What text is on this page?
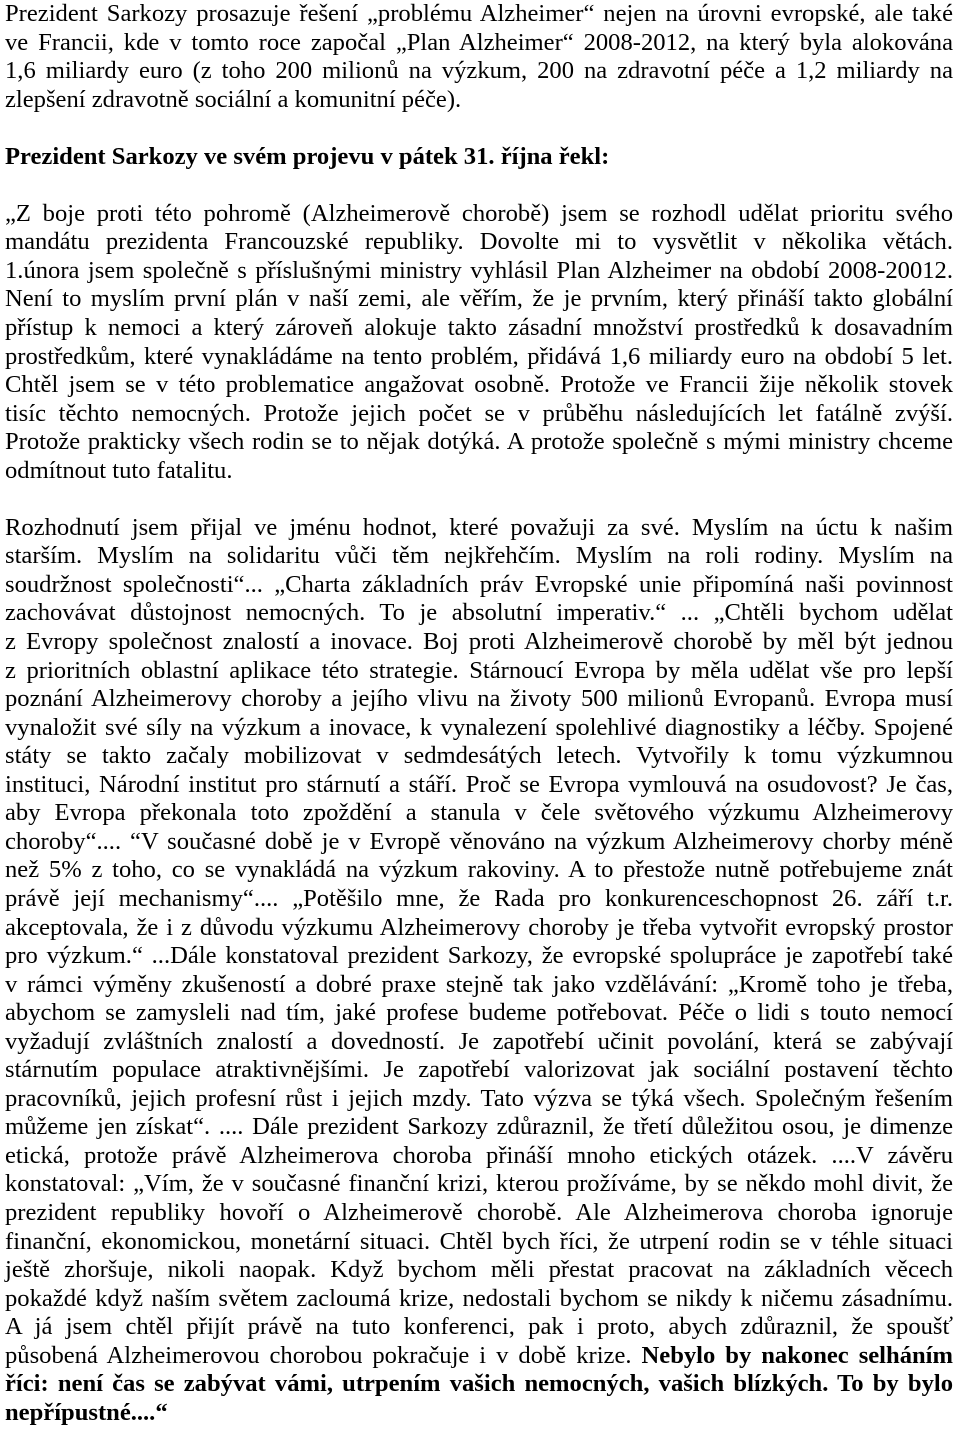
Prezident Sarkozy prosazuje řešení „problému Alzheimer“ nejen na úrovni evropské, ale také
ve Francii, kde v tomto roce započal „Plan Alzheimer“ 2008-2012, na který byla alokována
1,6 miliardy euro (z toho 200 milionů na výzkum, 200 na zdravotní péče a 1,2 miliardy na
zlepšení zdravotně sociální a komunitní péče).
Prezident Sarkozy ve svém projevu v pátek 31. října řekl:
„Z boje proti této pohromě (Alzheimerově chorobě) jsem se rozhodl udělat prioritu svého
mandátu prezidenta Francouzské republiky. Dovolte mi to vysvětlit v několika větách.
1.února jsem společně s příslušnými ministry vyhlásil Plan Alzheimer na období 2008-20012.
Není to myslím první plán v naší zemi, ale věřím, že je prvním, který přináší takto globální
přístup k nemoci a který zároveň alokuje takto zásadní množství prostředků k dosavadním
prostředkům, které vynakládáme na tento problém, přidává 1,6 miliardy euro na období 5 let.
Chtěl jsem se v této problematice angažovat osobně. Protože ve Francii žije několik stovek
tisíc těchto nemocných. Protože jejich počet se v průběhu následujících let fatálně zvýší.
Protože prakticky všech rodin se to nějak dotýká. A protože společně s mými ministry chceme
odmítnout tuto fatalitu.
Rozhodnutí jsem přijal ve jménu hodnot, které považuji za své. Myslím na úctu k našim
starším. Myslím na solidaritu vůči těm nejkřehčím. Myslím na roli rodiny. Myslím na
soudržnost společnosti“... „Charta základních práv Evropské unie připomíná naši povinnost
zachovávat důstojnost nemocných. To je absolutní imperativ.“ ... „Chtěli bychom udělat
z Evropy společnost znalostí a inovace. Boj proti Alzheimerově chorobě by měl být jednou
z prioritních oblastní aplikace této strategie. Stárnoucí Evropa by měla udělat vše pro lepší
poznání Alzheimerovy choroby a jejího vlivu na životy 500 milionů Evropanů. Evropa musí
vynaložit své síly na výzkum a inovace, k vynalezení spolehlivé diagnostiky a léčby. Spojené
státy se takto začaly mobilizovat v sedmdesátých letech. Vytvořily k tomu výzkumnou
instituci, Národní institut pro stárnutí a stáří. Proč se Evropa vymlouvá na osudovost? Je čas,
aby Evropa překonala toto zpoždění a stanula v čele světového výzkumu Alzheimerovy
choroby“.... “V současné době je v Evropě věnováno na výzkum Alzheimerovy chorby méně
než 5% z toho, co se vynakládá na výzkum rakoviny. A to přestože nutně potřebujeme znát
právě její mechanismy“.... „Potěšilo mne, že Rada pro konkurenceschopnost 26. září t.r.
akceptovala, že i z důvodu výzkumu Alzheimerovy choroby je třeba vytvořit evropský prostor
pro výzkum.“ ...Dále konstatoval prezident Sarkozy, že evropské spolupráce je zapotřebí také
v rámci výměny zkušeností a dobré praxe stejně tak jako vzdělávání: „Kromě toho je třeba,
abychom se zamysleli nad tím, jaké profese budeme potřebovat. Péče o lidi s touto nemocí
vyžadují zvláštních znalostí a dovedností. Je zapotřebí učinit povolání, která se zabývají
stárnutím populace atraktivnějšími. Je zapotřebí valorizovat jak sociální postavení těchto
pracovníků, jejich profesní růst i jejich mzdy. Tato výzva se týká všech. Společným řešením
můžeme jen získat“. .... Dále prezident Sarkozy zdůraznil, že třetí důležitou osou, je dimenze
etická, protože právě Alzheimerova choroba přináší mnoho etických otázek. ....V závěru
konstatoval: „Vím, že v současné finanční krizi, kterou prožíváme, by se někdo mohl divit, že
prezident republiky hovoří o Alzheimerově chorobě. Ale Alzheimerova choroba ignoruje
finanční, ekonomickou, monetární situaci. Chtěl bych říci, že utrpení rodin se v téhle situaci
ještě zhoršuje, nikoli naopak. Když bychom měli přestat pracovat na základních věcech
pokaždé když naším světem zacloumá krize, nedostali bychom se nikdy k ničemu zásadnímu.
A já jsem chtěl přijít právě na tuto konferenci, pak i proto, abych zdůraznil, že spoušť
působená Alzheimerovou chorobou pokračuje i v době krize. Nebylo by nakonec selháním
říci: není čas se zabývat vámi, utrpením vašich nemocných, vašich blízkých. To by bylo
nepřípustné....“
